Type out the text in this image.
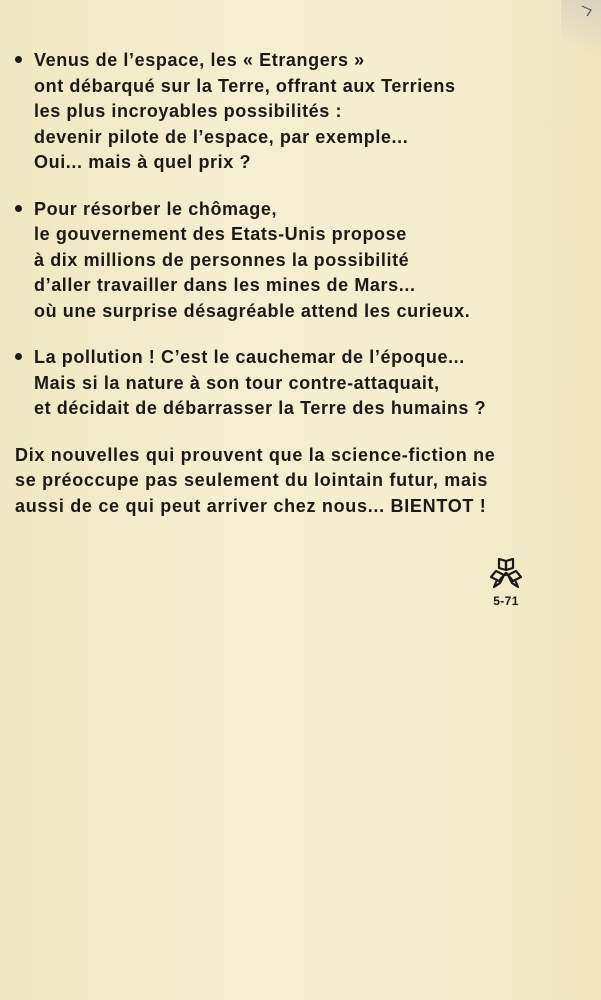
Venus de l’espace, les « Etrangers »
ont débarqué sur la Terre, offrant aux Terriens
les plus incroyables possibilités :
devenir pilote de l’espace, par exemple...
Oui... mais à quel prix ?
Pour résorber le chômage,
le gouvernement des Etats-Unis propose
à dix millions de personnes la possibilité
d’aller travailler dans les mines de Mars...
où une surprise désagréable attend les curieux.
La pollution ! C’est le cauchemar de l’époque...
Mais si la nature à son tour contre-attaquait,
et décidait de débarrasser la Terre des humains ?
Dix nouvelles qui prouvent que la science-fiction ne
se préoccupe pas seulement du lointain futur, mais
aussi de ce qui peut arriver chez nous... BIENTOT !
5-71
